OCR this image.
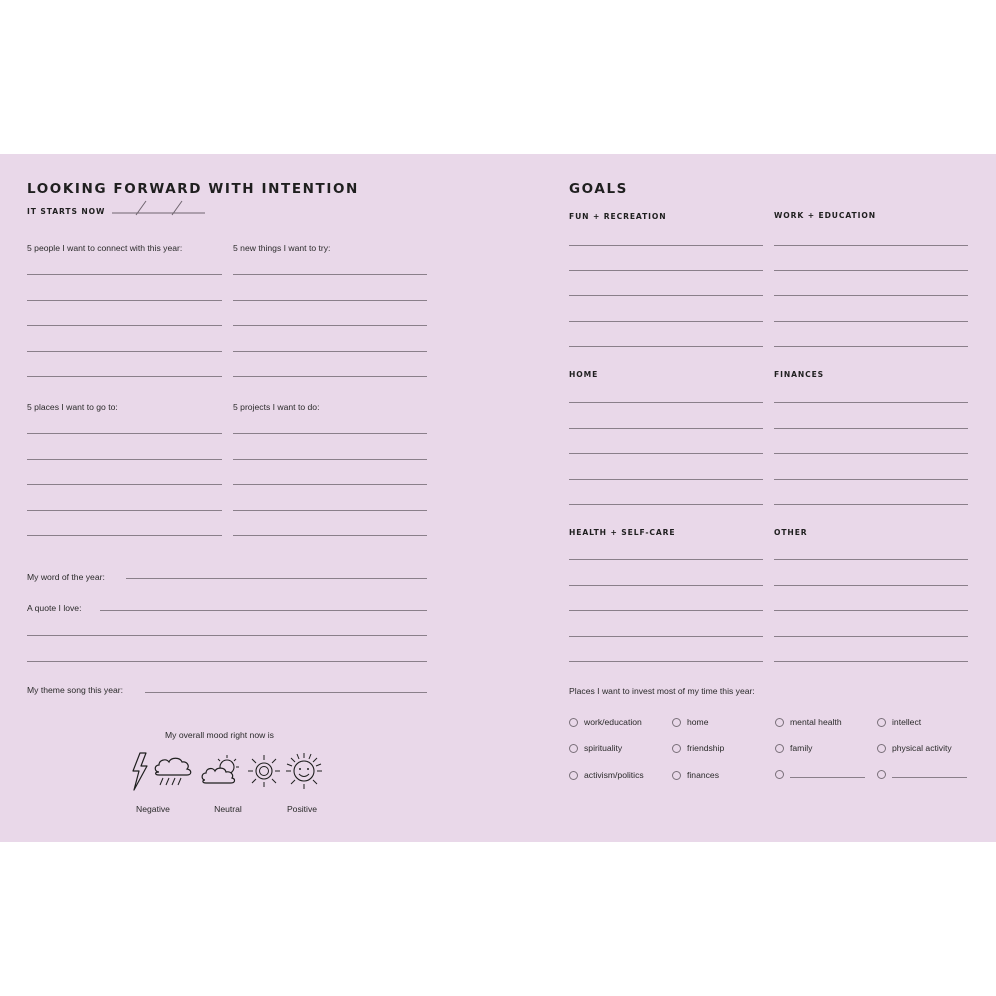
LOOKING FORWARD WITH INTENTION
IT STARTS NOW
5 people I want to connect with this year:	5 new things I want to try:
5 places I want to go to:	5 projects I want to do:
My word of the year:
A quote I love:
My theme song this year:
My overall mood right now is
Negative	Neutral	Positive
GOALS
FUN + RECREATION	WORK + EDUCATION
HOME	FINANCES
HEALTH + SELF-CARE	OTHER
Places I want to invest most of my time this year:
work/education	home	mental health	intellect
spirituality	friendship	family	physical activity
activism/politics	finances
